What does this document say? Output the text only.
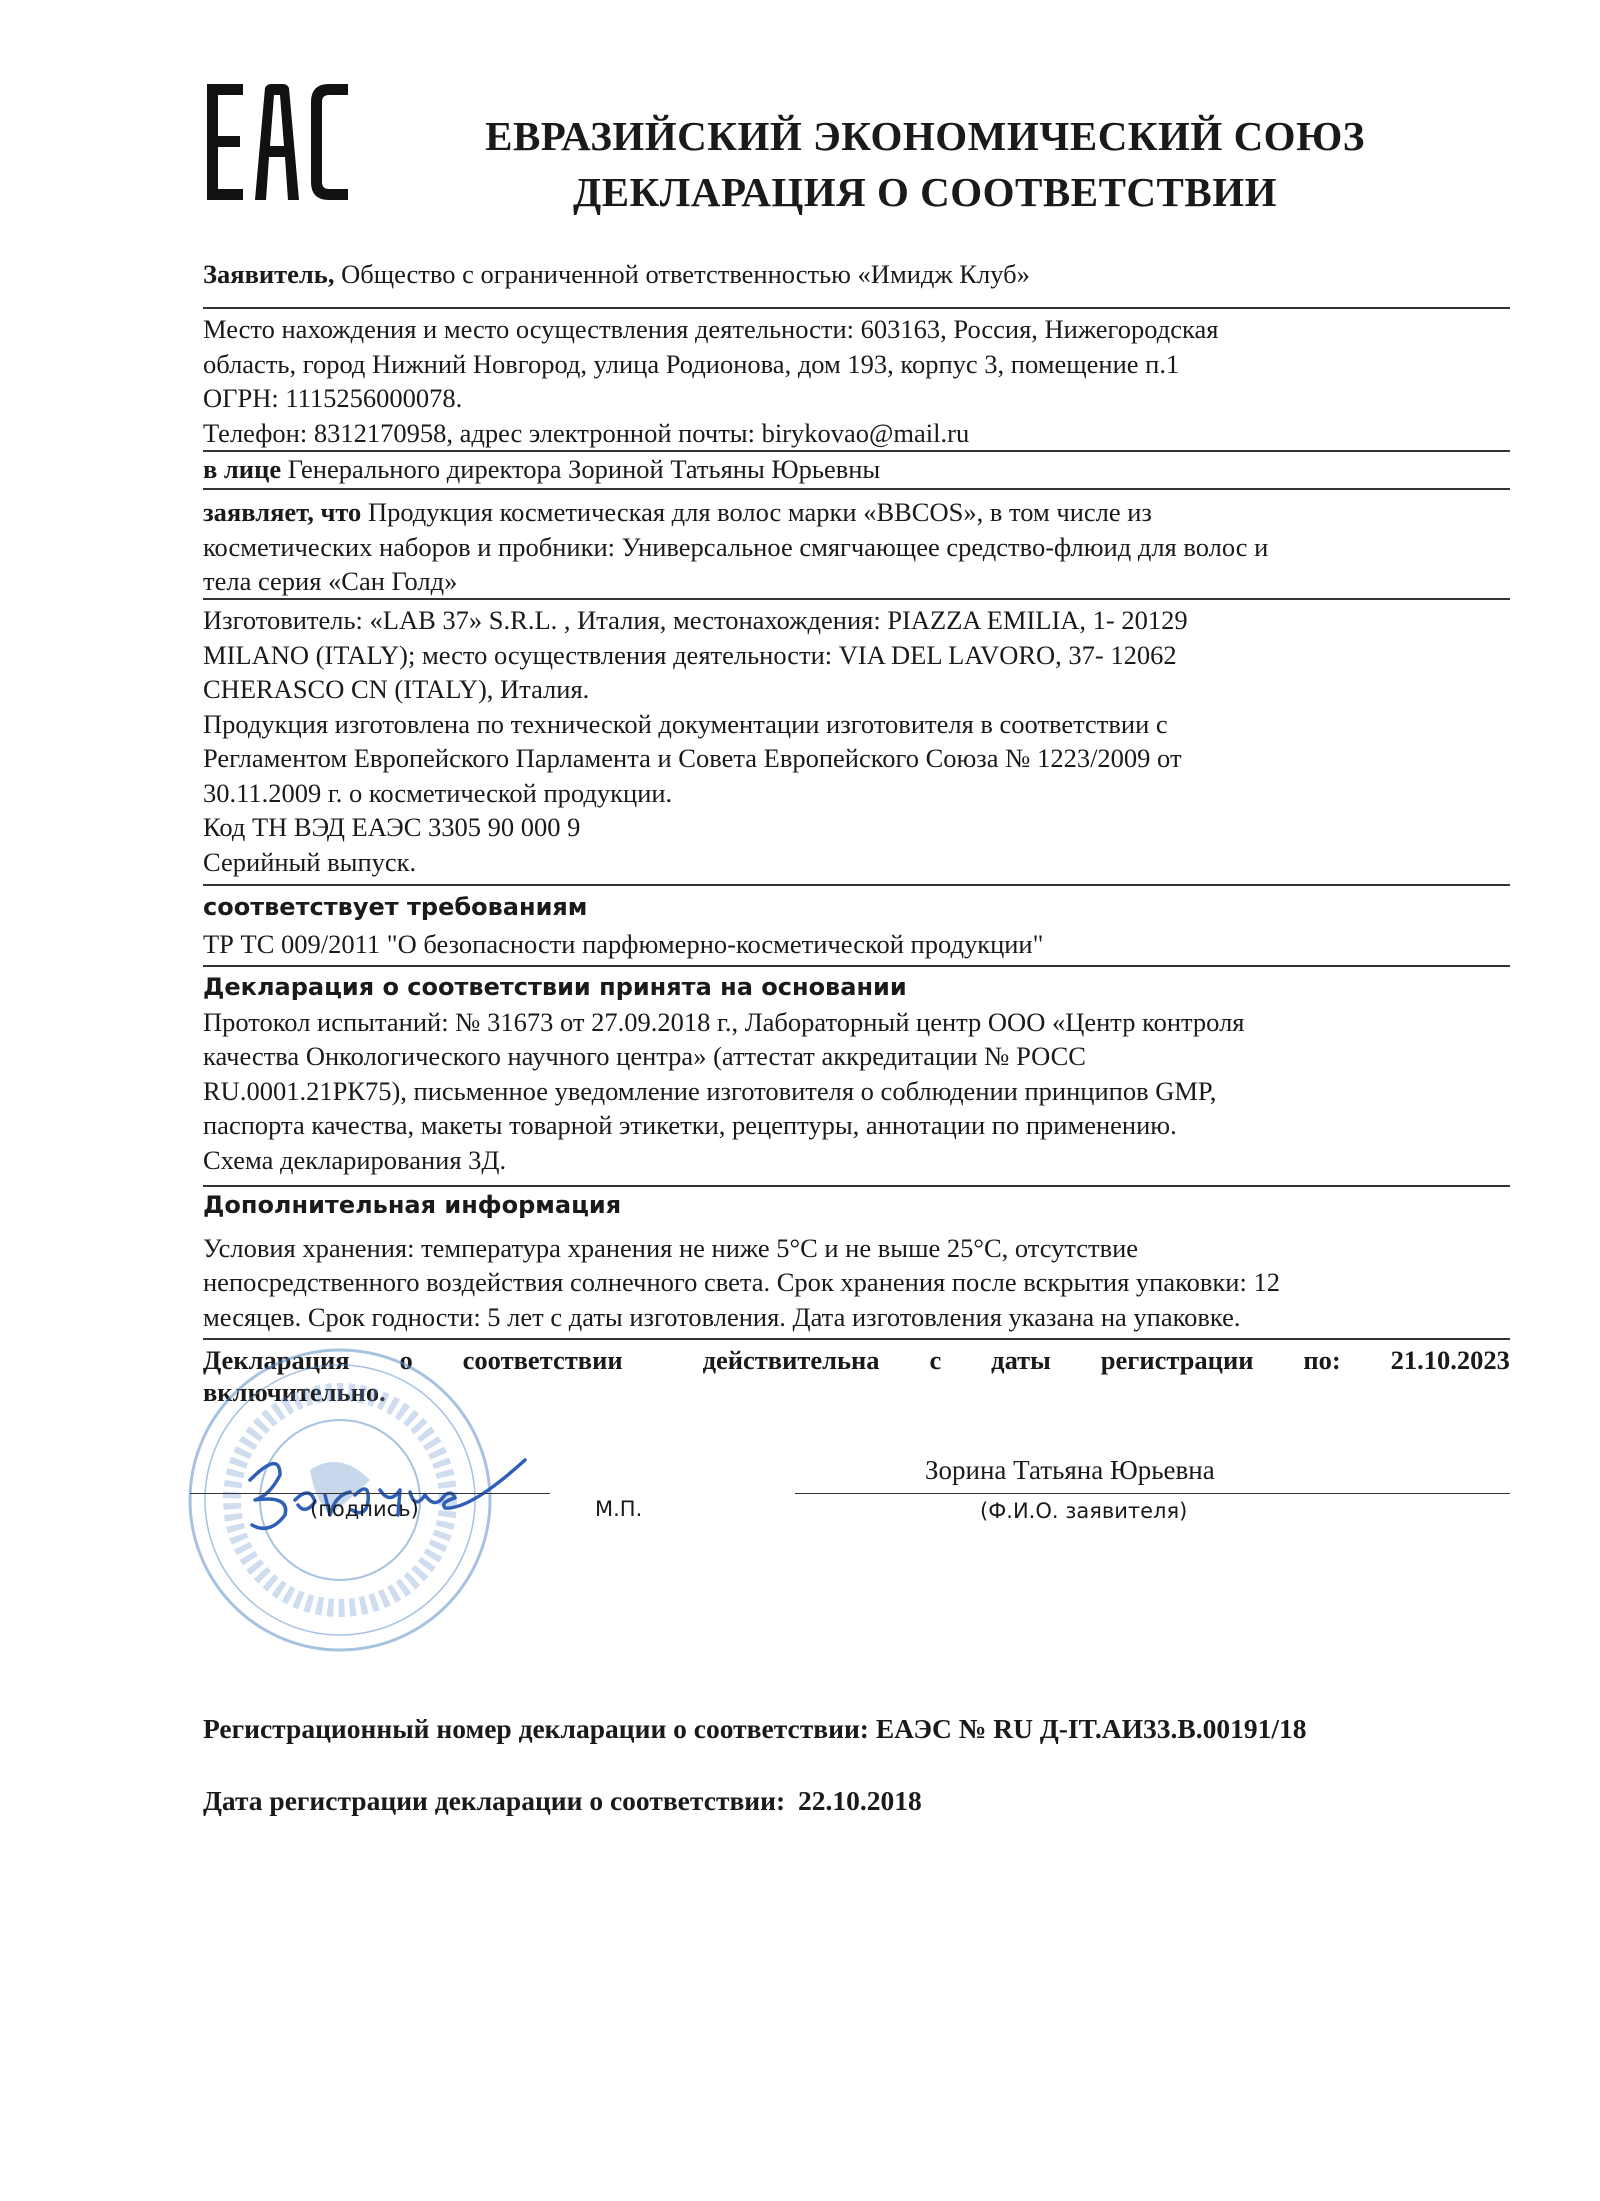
ЕВРАЗИЙСКИЙ ЭКОНОМИЧЕСКИЙ СОЮЗ
ДЕКЛАРАЦИЯ О СООТВЕТСТВИИ
Заявитель, Общество с ограниченной ответственностью «Имидж Клуб»
Место нахождения и место осуществления деятельности: 603163, Россия, Нижегородская
область, город Нижний Новгород, улица Родионова, дом 193, корпус 3, помещение п.1
ОГРН: 1115256000078.
Телефон: 8312170958, адрес электронной почты: birykovao@mail.ru
в лице Генерального директора Зориной Татьяны Юрьевны
заявляет, что Продукция косметическая для волос марки «BBCOS», в том числе из
косметических наборов и пробники: Универсальное смягчающее средство-флюид для волос и
тела серия «Сан Голд»
Изготовитель: «LAB 37» S.R.L. , Италия, местонахождения: PIAZZA EMILIA, 1- 20129
MILANO (ITALY); место осуществления деятельности: VIA DEL LAVORO, 37- 12062
CHERASCO CN (ITALY), Италия.
Продукция изготовлена по технической документации изготовителя в соответствии с
Регламентом Европейского Парламента и Совета Европейского Союза № 1223/2009 от
30.11.2009 г. о косметической продукции.
Код ТН ВЭД ЕАЭС 3305 90 000 9
Серийный выпуск.
соответствует требованиям
ТР ТС 009/2011 "О безопасности парфюмерно-косметической продукции"
Декларация о соответствии принята на основании
Протокол испытаний: № 31673 от 27.09.2018 г., Лабораторный центр ООО «Центр контроля
качества Онкологического научного центра» (аттестат аккредитации № РОСС
RU.0001.21РК75), письменное уведомление изготовителя о соблюдении принципов GMP,
паспорта качества, макеты товарной этикетки, рецептуры, аннотации по применению.
Схема декларирования 3Д.
Дополнительная информация
Условия хранения: температура хранения не ниже 5°С и не выше 25°С, отсутствие
непосредственного воздействия солнечного света. Срок хранения после вскрытия упаковки: 12
месяцев. Срок годности: 5 лет с даты изготовления. Дата изготовления указана на упаковке.
Декларация о соответствии	действительна с даты регистрации по: 21.10.2023
включительно.
(подпись)	М.П.
Зорина Татьяна Юрьевна
(Ф.И.О. заявителя)
Регистрационный номер декларации о соответствии: ЕАЭС № RU Д-IT.АИ33.В.00191/18
Дата регистрации декларации о соответствии: 22.10.2018
